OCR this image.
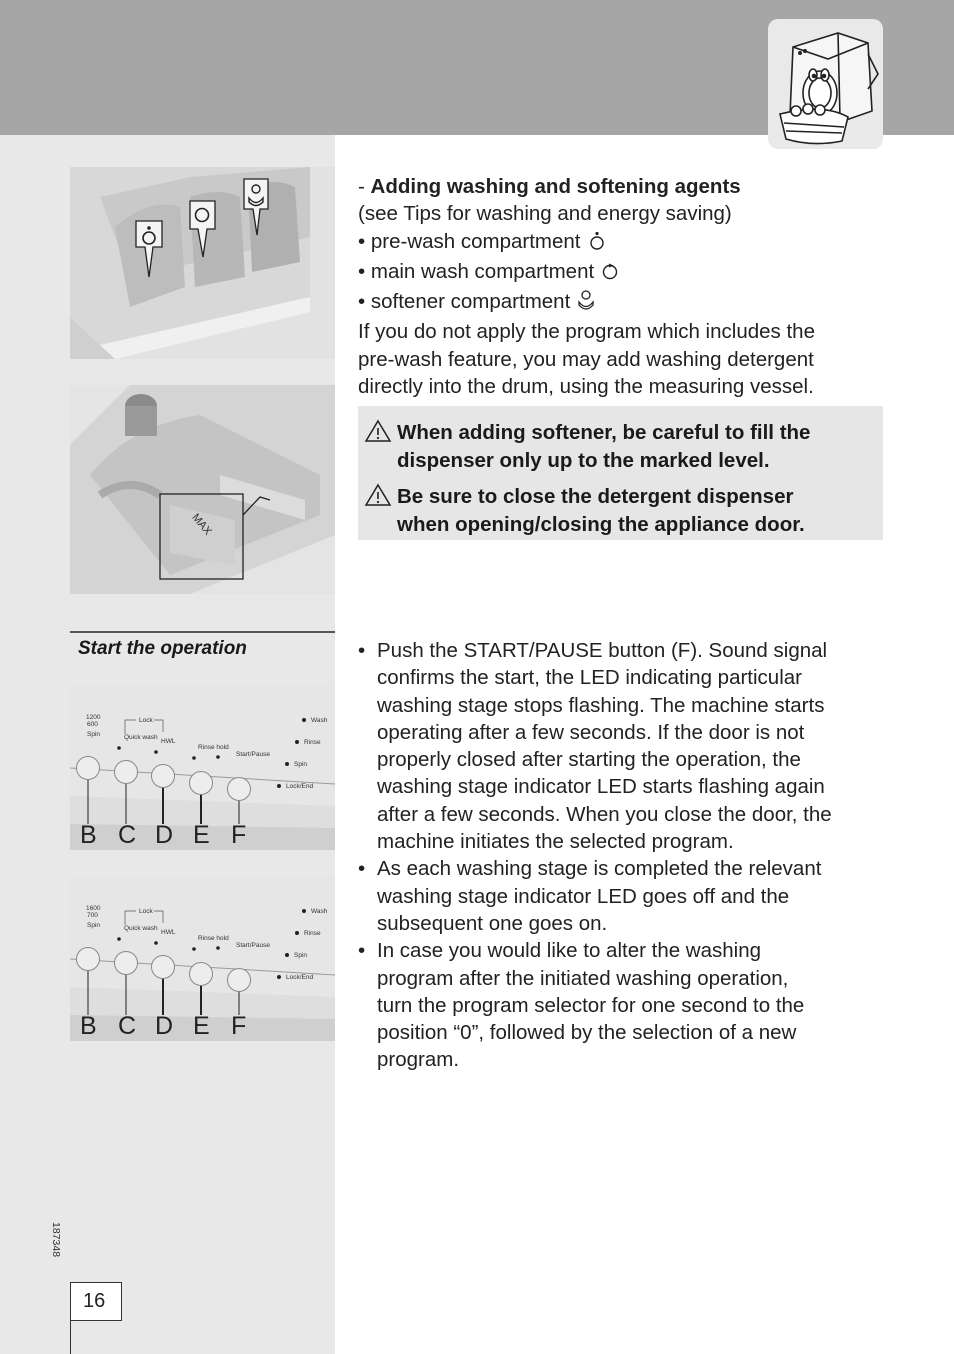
MAX
- Adding washing and softening agents
(see Tips for washing and energy saving)
• pre-wash compartment
• main wash compartment
• softener compartment
If you do not apply the program which includes the
pre-wash feature, you may add washing detergent
directly into the drum, using the measuring vessel.
When adding softener, be careful to fill the
dispenser only up to the marked level.
Be sure to close the detergent dispenser
when opening/closing the appliance door.
Start the operation
1200
600
Spin
Lock
Quick wash
HWL
Rinse hold
Start/Pause
Wash
Rinse
Spin
Lock/End
B C D E F
1600
700
Spin
Lock
Quick wash
HWL
Rinse hold
Start/Pause
Wash
Rinse
Spin
Lock/End
B C D E F
• Push the START/PAUSE button (F). Sound signal
confirms the start, the LED indicating particular
washing stage stops flashing. The machine starts
operating after a few seconds. If the door is not
properly closed after starting the operation, the
washing stage indicator LED starts flashing again
after a few seconds. When you close the door, the
machine initiates the selected program.
• As each washing stage is completed the relevant
washing stage indicator LED goes off and the
subsequent one goes on.
• In case you would like to alter the washing
program after the initiated washing operation,
turn the program selector for one second to the
position “0”, followed by the selection of a new
program.
187348
16
